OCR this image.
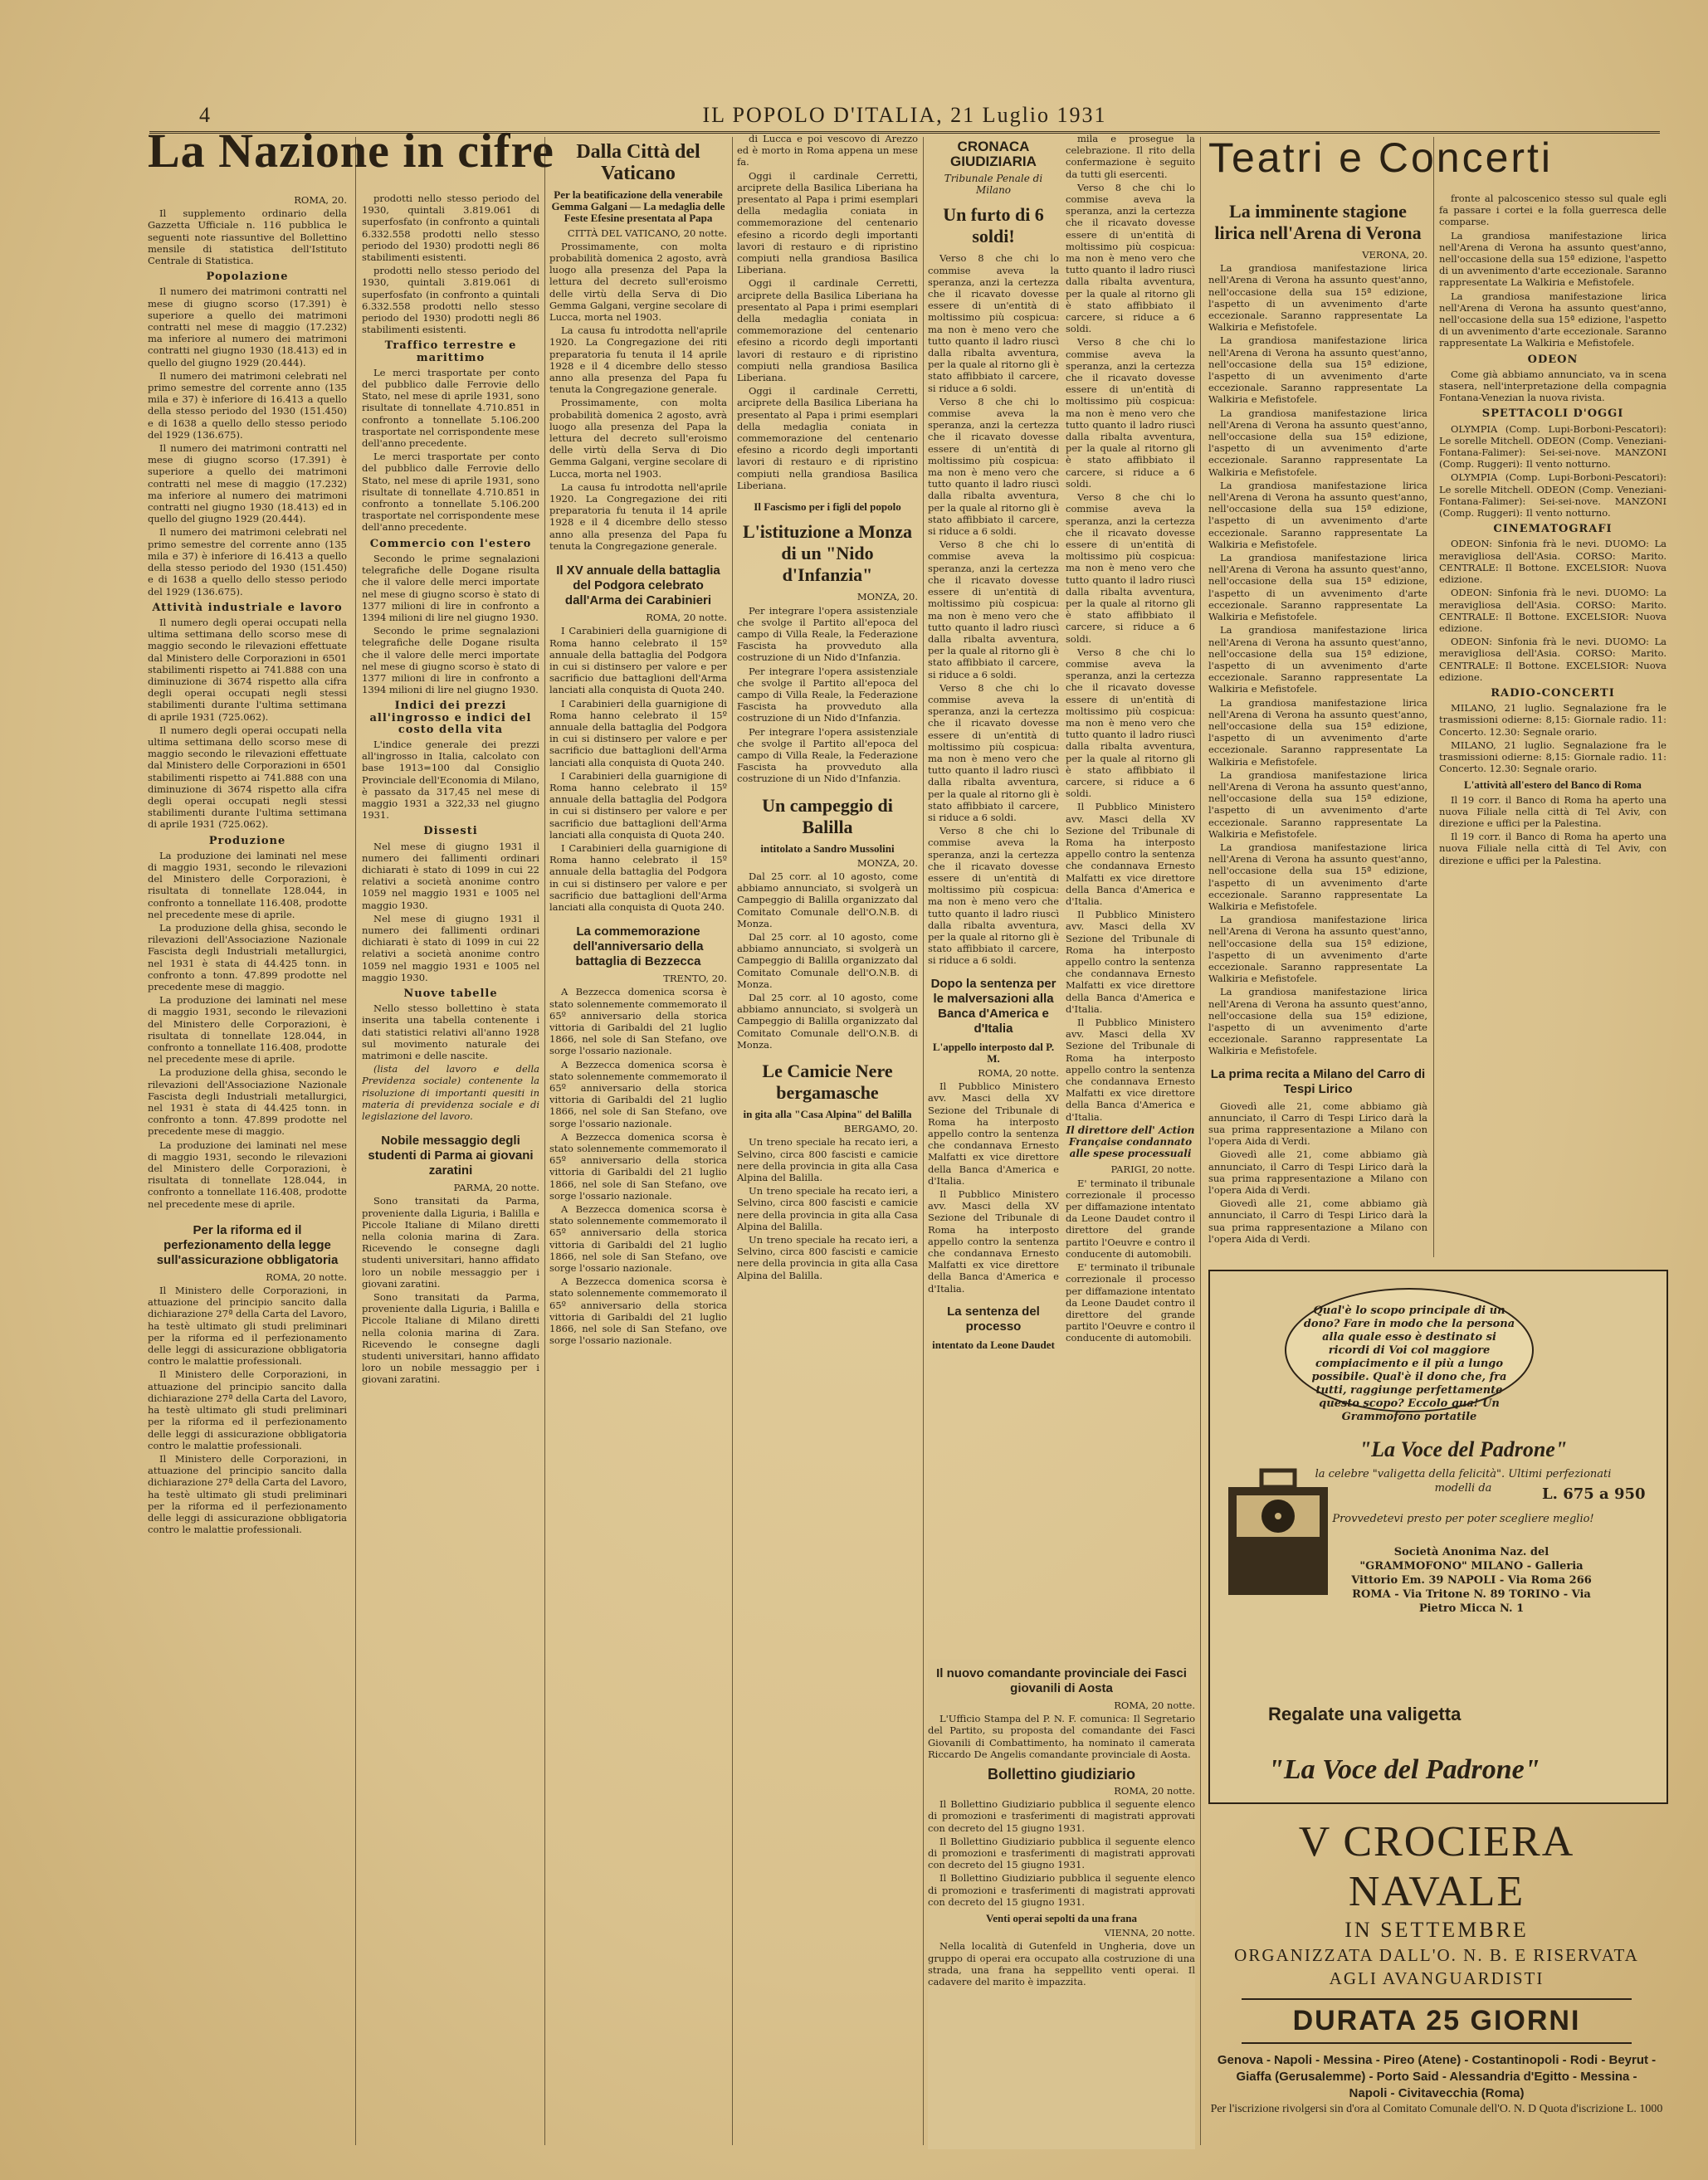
4	IL POPOLO D'ITALIA, 21 Luglio 1931
La Nazione in cifre
ROMA, 20.

Il supplemento ordinario della Gazzetta Ufficiale n. 116 pubblica le seguenti note riassuntive del Bollettino mensile di statistica dell'Istituto Centrale di Statistica.

Popolazione

Il numero dei matrimoni contratti nel mese di giugno scorso (17.391) è superiore a quello dei matrimoni contratti nel mese di maggio (17.232) ma inferiore al numero dei matrimoni contratti nel giugno 1930 (18.413) ed in quello del giugno 1929 (20.444).

Il numero dei matrimoni celebrati nel primo semestre del corrente anno (135 mila e 37) è inferiore di 16.413 a quello della stesso periodo del 1930 (151.450) e di 1638 a quello dello stesso periodo del 1929 (136.675).

Il numero dei matrimoni contratti nel mese di giugno scorso (17.391) è superiore a quello dei matrimoni contratti nel mese di maggio (17.232) ma inferiore al numero dei matrimoni contratti nel giugno 1930 (18.413) ed in quello del giugno 1929 (20.444).

Il numero dei matrimoni celebrati nel primo semestre del corrente anno (135 mila e 37) è inferiore di 16.413 a quello della stesso periodo del 1930 (151.450) e di 1638 a quello dello stesso periodo del 1929 (136.675).

Attività industriale e lavoro

Il numero degli operai occupati nella ultima settimana dello scorso mese di maggio secondo le rilevazioni effettuate dal Ministero delle Corporazioni in 6501 stabilimenti rispetto ai 741.888 con una diminuzione di 3674 rispetto alla cifra degli operai occupati negli stessi stabilimenti durante l'ultima settimana di aprile 1931 (725.062).

Il numero degli operai occupati nella ultima settimana dello scorso mese di maggio secondo le rilevazioni effettuate dal Ministero delle Corporazioni in 6501 stabilimenti rispetto ai 741.888 con una diminuzione di 3674 rispetto alla cifra degli operai occupati negli stessi stabilimenti durante l'ultima settimana di aprile 1931 (725.062).

Produzione

La produzione dei laminati nel mese di maggio 1931, secondo le rilevazioni del Ministero delle Corporazioni, è risultata di tonnellate 128.044, in confronto a tonnellate 116.408, prodotte nel precedente mese di aprile.

La produzione della ghisa, secondo le rilevazioni dell'Associazione Nazionale Fascista degli Industriali metallurgici, nel 1931 è stata di 44.425 tonn. in confronto a tonn. 47.899 prodotte nel precedente mese di maggio.

La produzione dei laminati nel mese di maggio 1931, secondo le rilevazioni del Ministero delle Corporazioni, è risultata di tonnellate 128.044, in confronto a tonnellate 116.408, prodotte nel precedente mese di aprile.

La produzione della ghisa, secondo le rilevazioni dell'Associazione Nazionale Fascista degli Industriali metallurgici, nel 1931 è stata di 44.425 tonn. in confronto a tonn. 47.899 prodotte nel precedente mese di maggio.

La produzione dei laminati nel mese di maggio 1931, secondo le rilevazioni del Ministero delle Corporazioni, è risultata di tonnellate 128.044, in confronto a tonnellate 116.408, prodotte nel precedente mese di aprile.

Per la riforma ed il perfezionamento della legge sull'assicurazione obbligatoria
ROMA, 20 notte.

Il Ministero delle Corporazioni, in attuazione del principio sancito dalla dichiarazione 27ª della Carta del Lavoro, ha testè ultimato gli studi preliminari per la riforma ed il perfezionamento delle leggi di assicurazione obbligatoria contro le malattie professionali.

Il Ministero delle Corporazioni, in attuazione del principio sancito dalla dichiarazione 27ª della Carta del Lavoro, ha testè ultimato gli studi preliminari per la riforma ed il perfezionamento delle leggi di assicurazione obbligatoria contro le malattie professionali.

Il Ministero delle Corporazioni, in attuazione del principio sancito dalla dichiarazione 27ª della Carta del Lavoro, ha testè ultimato gli studi preliminari per la riforma ed il perfezionamento delle leggi di assicurazione obbligatoria contro le malattie professionali.

prodotti nello stesso periodo del 1930, quintali 3.819.061 di superfosfato (in confronto a quintali 6.332.558 prodotti nello stesso periodo del 1930) prodotti negli 86 stabilimenti esistenti.

prodotti nello stesso periodo del 1930, quintali 3.819.061 di superfosfato (in confronto a quintali 6.332.558 prodotti nello stesso periodo del 1930) prodotti negli 86 stabilimenti esistenti.

Traffico terrestre e marittimo

Le merci trasportate per conto del pubblico dalle Ferrovie dello Stato, nel mese di aprile 1931, sono risultate di tonnellate 4.710.851 in confronto a tonnellate 5.106.200 trasportate nel corrispondente mese dell'anno precedente.

Le merci trasportate per conto del pubblico dalle Ferrovie dello Stato, nel mese di aprile 1931, sono risultate di tonnellate 4.710.851 in confronto a tonnellate 5.106.200 trasportate nel corrispondente mese dell'anno precedente.

Commercio con l'estero

Secondo le prime segnalazioni telegrafiche delle Dogane risulta che il valore delle merci importate nel mese di giugno scorso è stato di 1377 milioni di lire in confronto a 1394 milioni di lire nel giugno 1930.

Secondo le prime segnalazioni telegrafiche delle Dogane risulta che il valore delle merci importate nel mese di giugno scorso è stato di 1377 milioni di lire in confronto a 1394 milioni di lire nel giugno 1930.

Indici dei prezzi all'ingrosso e indici del costo della vita

L'indice generale dei prezzi all'ingrosso in Italia, calcolato con base 1913=100 dal Consiglio Provinciale dell'Economia di Milano, è passato da 317,45 nel mese di maggio 1931 a 322,33 nel giugno 1931.

Dissesti

Nel mese di giugno 1931 il numero dei fallimenti ordinari dichiarati è stato di 1099 in cui 22 relativi a società anonime contro 1059 nel maggio 1931 e 1005 nel maggio 1930.

Nel mese di giugno 1931 il numero dei fallimenti ordinari dichiarati è stato di 1099 in cui 22 relativi a società anonime contro 1059 nel maggio 1931 e 1005 nel maggio 1930.

Nuove tabelle

Nello stesso bollettino è stata inserita una tabella contenente i dati statistici relativi all'anno 1928 sul movimento naturale dei matrimoni e delle nascite.

(lista del lavoro e della Previdenza sociale) contenente la risoluzione di importanti quesiti in materia di previdenza sociale e di legislazione del lavoro.

Nobile messaggio degli studenti di Parma ai giovani zaratini
PARMA, 20 notte.

Sono transitati da Parma, proveniente dalla Liguria, i Balilla e Piccole Italiane di Milano diretti nella colonia marina di Zara. Ricevendo le consegne dagli studenti universitari, hanno affidato loro un nobile messaggio per i giovani zaratini.

Sono transitati da Parma, proveniente dalla Liguria, i Balilla e Piccole Italiane di Milano diretti nella colonia marina di Zara. Ricevendo le consegne dagli studenti universitari, hanno affidato loro un nobile messaggio per i giovani zaratini.

Dalla Città del Vaticano
Per la beatificazione della venerabile Gemma Galgani — La medaglia delle Feste Efesine presentata al Papa
CITTÀ DEL VATICANO, 20 notte.

Prossimamente, con molta probabilità domenica 2 agosto, avrà luogo alla presenza del Papa la lettura del decreto sull'eroismo delle virtù della Serva di Dio Gemma Galgani, vergine secolare di Lucca, morta nel 1903.

La causa fu introdotta nell'aprile 1920. La Congregazione dei riti preparatoria fu tenuta il 14 aprile 1928 e il 4 dicembre dello stesso anno alla presenza del Papa fu tenuta la Congregazione generale.

Prossimamente, con molta probabilità domenica 2 agosto, avrà luogo alla presenza del Papa la lettura del decreto sull'eroismo delle virtù della Serva di Dio Gemma Galgani, vergine secolare di Lucca, morta nel 1903.

La causa fu introdotta nell'aprile 1920. La Congregazione dei riti preparatoria fu tenuta il 14 aprile 1928 e il 4 dicembre dello stesso anno alla presenza del Papa fu tenuta la Congregazione generale.

Il XV annuale della battaglia del Podgora celebrato dall'Arma dei Carabinieri
ROMA, 20 notte.

I Carabinieri della guarnigione di Roma hanno celebrato il 15º annuale della battaglia del Podgora in cui si distinsero per valore e per sacrificio due battaglioni dell'Arma lanciati alla conquista di Quota 240.

I Carabinieri della guarnigione di Roma hanno celebrato il 15º annuale della battaglia del Podgora in cui si distinsero per valore e per sacrificio due battaglioni dell'Arma lanciati alla conquista di Quota 240.

I Carabinieri della guarnigione di Roma hanno celebrato il 15º annuale della battaglia del Podgora in cui si distinsero per valore e per sacrificio due battaglioni dell'Arma lanciati alla conquista di Quota 240.

I Carabinieri della guarnigione di Roma hanno celebrato il 15º annuale della battaglia del Podgora in cui si distinsero per valore e per sacrificio due battaglioni dell'Arma lanciati alla conquista di Quota 240.

La commemorazione dell'anniversario della battaglia di Bezzecca
TRENTO, 20.

A Bezzecca domenica scorsa è stato solennemente commemorato il 65º anniversario della storica vittoria di Garibaldi del 21 luglio 1866, nel sole di San Stefano, ove sorge l'ossario nazionale.

A Bezzecca domenica scorsa è stato solennemente commemorato il 65º anniversario della storica vittoria di Garibaldi del 21 luglio 1866, nel sole di San Stefano, ove sorge l'ossario nazionale.

A Bezzecca domenica scorsa è stato solennemente commemorato il 65º anniversario della storica vittoria di Garibaldi del 21 luglio 1866, nel sole di San Stefano, ove sorge l'ossario nazionale.

A Bezzecca domenica scorsa è stato solennemente commemorato il 65º anniversario della storica vittoria di Garibaldi del 21 luglio 1866, nel sole di San Stefano, ove sorge l'ossario nazionale.

A Bezzecca domenica scorsa è stato solennemente commemorato il 65º anniversario della storica vittoria di Garibaldi del 21 luglio 1866, nel sole di San Stefano, ove sorge l'ossario nazionale.

di Lucca e poi vescovo di Arezzo ed è morto in Roma appena un mese fa.

Oggi il cardinale Cerretti, arciprete della Basilica Liberiana ha presentato al Papa i primi esemplari della medaglia coniata in commemorazione del centenario efesino a ricordo degli importanti lavori di restauro e di ripristino compiuti nella grandiosa Basilica Liberiana.

Oggi il cardinale Cerretti, arciprete della Basilica Liberiana ha presentato al Papa i primi esemplari della medaglia coniata in commemorazione del centenario efesino a ricordo degli importanti lavori di restauro e di ripristino compiuti nella grandiosa Basilica Liberiana.

Oggi il cardinale Cerretti, arciprete della Basilica Liberiana ha presentato al Papa i primi esemplari della medaglia coniata in commemorazione del centenario efesino a ricordo degli importanti lavori di restauro e di ripristino compiuti nella grandiosa Basilica Liberiana.

Il Fascismo per i figli del popolo
L'istituzione a Monza di un "Nido d'Infanzia"
MONZA, 20.

Per integrare l'opera assistenziale che svolge il Partito all'epoca del campo di Villa Reale, la Federazione Fascista ha provveduto alla costruzione di un Nido d'Infanzia.

Per integrare l'opera assistenziale che svolge il Partito all'epoca del campo di Villa Reale, la Federazione Fascista ha provveduto alla costruzione di un Nido d'Infanzia.

Per integrare l'opera assistenziale che svolge il Partito all'epoca del campo di Villa Reale, la Federazione Fascista ha provveduto alla costruzione di un Nido d'Infanzia.

Un campeggio di Balilla
intitolato a Sandro Mussolini
MONZA, 20.

Dal 25 corr. al 10 agosto, come abbiamo annunciato, si svolgerà un Campeggio di Balilla organizzato dal Comitato Comunale dell'O.N.B. di Monza.

Dal 25 corr. al 10 agosto, come abbiamo annunciato, si svolgerà un Campeggio di Balilla organizzato dal Comitato Comunale dell'O.N.B. di Monza.

Dal 25 corr. al 10 agosto, come abbiamo annunciato, si svolgerà un Campeggio di Balilla organizzato dal Comitato Comunale dell'O.N.B. di Monza.

Le Camicie Nere bergamasche
in gita alla "Casa Alpina" del Balilla
BERGAMO, 20.

Un treno speciale ha recato ieri, a Selvino, circa 800 fascisti e camicie nere della provincia in gita alla Casa Alpina del Balilla.

Un treno speciale ha recato ieri, a Selvino, circa 800 fascisti e camicie nere della provincia in gita alla Casa Alpina del Balilla.

Un treno speciale ha recato ieri, a Selvino, circa 800 fascisti e camicie nere della provincia in gita alla Casa Alpina del Balilla.

CRONACA GIUDIZIARIA
Tribunale Penale di Milano
Un furto di 6 soldi!

Verso 8 che chi lo commise aveva la speranza, anzi la certezza che il ricavato dovesse essere di un'entità di moltissimo più cospicua: ma non è meno vero che tutto quanto il ladro riuscì dalla ribalta avventura, per la quale al ritorno gli è stato affibbiato il carcere, si riduce a 6 soldi.

Verso 8 che chi lo commise aveva la speranza, anzi la certezza che il ricavato dovesse essere di un'entità di moltissimo più cospicua: ma non è meno vero che tutto quanto il ladro riuscì dalla ribalta avventura, per la quale al ritorno gli è stato affibbiato il carcere, si riduce a 6 soldi.

Verso 8 che chi lo commise aveva la speranza, anzi la certezza che il ricavato dovesse essere di un'entità di moltissimo più cospicua: ma non è meno vero che tutto quanto il ladro riuscì dalla ribalta avventura, per la quale al ritorno gli è stato affibbiato il carcere, si riduce a 6 soldi.

Verso 8 che chi lo commise aveva la speranza, anzi la certezza che il ricavato dovesse essere di un'entità di moltissimo più cospicua: ma non è meno vero che tutto quanto il ladro riuscì dalla ribalta avventura, per la quale al ritorno gli è stato affibbiato il carcere, si riduce a 6 soldi.

Verso 8 che chi lo commise aveva la speranza, anzi la certezza che il ricavato dovesse essere di un'entità di moltissimo più cospicua: ma non è meno vero che tutto quanto il ladro riuscì dalla ribalta avventura, per la quale al ritorno gli è stato affibbiato il carcere, si riduce a 6 soldi.

Dopo la sentenza per le malversazioni alla Banca d'America e d'Italia
L'appello interposto dal P. M.
ROMA, 20 notte.

Il Pubblico Ministero avv. Masci della XV Sezione del Tribunale di Roma ha interposto appello contro la sentenza che condannava Ernesto Malfatti ex vice direttore della Banca d'America e d'Italia.

Il Pubblico Ministero avv. Masci della XV Sezione del Tribunale di Roma ha interposto appello contro la sentenza che condannava Ernesto Malfatti ex vice direttore della Banca d'America e d'Italia.

La sentenza del processo
intentato da Leone Daudet

mila e prosegue la celebrazione. Il rito della confermazione è seguito da tutti gli esercenti.

Verso 8 che chi lo commise aveva la speranza, anzi la certezza che il ricavato dovesse essere di un'entità di moltissimo più cospicua: ma non è meno vero che tutto quanto il ladro riuscì dalla ribalta avventura, per la quale al ritorno gli è stato affibbiato il carcere, si riduce a 6 soldi.

Verso 8 che chi lo commise aveva la speranza, anzi la certezza che il ricavato dovesse essere di un'entità di moltissimo più cospicua: ma non è meno vero che tutto quanto il ladro riuscì dalla ribalta avventura, per la quale al ritorno gli è stato affibbiato il carcere, si riduce a 6 soldi.

Verso 8 che chi lo commise aveva la speranza, anzi la certezza che il ricavato dovesse essere di un'entità di moltissimo più cospicua: ma non è meno vero che tutto quanto il ladro riuscì dalla ribalta avventura, per la quale al ritorno gli è stato affibbiato il carcere, si riduce a 6 soldi.

Verso 8 che chi lo commise aveva la speranza, anzi la certezza che il ricavato dovesse essere di un'entità di moltissimo più cospicua: ma non è meno vero che tutto quanto il ladro riuscì dalla ribalta avventura, per la quale al ritorno gli è stato affibbiato il carcere, si riduce a 6 soldi.

Il Pubblico Ministero avv. Masci della XV Sezione del Tribunale di Roma ha interposto appello contro la sentenza che condannava Ernesto Malfatti ex vice direttore della Banca d'America e d'Italia.

Il Pubblico Ministero avv. Masci della XV Sezione del Tribunale di Roma ha interposto appello contro la sentenza che condannava Ernesto Malfatti ex vice direttore della Banca d'America e d'Italia.

Il Pubblico Ministero avv. Masci della XV Sezione del Tribunale di Roma ha interposto appello contro la sentenza che condannava Ernesto Malfatti ex vice direttore della Banca d'America e d'Italia.

Il direttore dell' Action Française condannato alle spese processuali
PARIGI, 20 notte.

E' terminato il tribunale correzionale il processo per diffamazione intentato da Leone Daudet contro il direttore del grande partito l'Oeuvre e contro il conducente di automobili.

E' terminato il tribunale correzionale il processo per diffamazione intentato da Leone Daudet contro il direttore del grande partito l'Oeuvre e contro il conducente di automobili.

Il nuovo comandante provinciale dei Fasci giovanili di Aosta
ROMA, 20 notte.

L'Ufficio Stampa del P. N. F. comunica: Il Segretario del Partito, su proposta del comandante dei Fasci Giovanili di Combattimento, ha nominato il camerata Riccardo De Angelis comandante provinciale di Aosta.

Bollettino giudiziario
ROMA, 20 notte.

Il Bollettino Giudiziario pubblica il seguente elenco di promozioni e trasferimenti di magistrati approvati con decreto del 15 giugno 1931.

Il Bollettino Giudiziario pubblica il seguente elenco di promozioni e trasferimenti di magistrati approvati con decreto del 15 giugno 1931.

Il Bollettino Giudiziario pubblica il seguente elenco di promozioni e trasferimenti di magistrati approvati con decreto del 15 giugno 1931.

Venti operai sepolti da una frana
VIENNA, 20 notte.

Nella località di Gutenfeld in Ungheria, dove un gruppo di operai era occupato alla costruzione di una strada, una frana ha seppellito venti operai. Il cadavere del marito è impazzita.

Teatri e Concerti
La imminente stagione lirica nell'Arena di Verona
VERONA, 20.

La grandiosa manifestazione lirica nell'Arena di Verona ha assunto quest'anno, nell'occasione della sua 15ª edizione, l'aspetto di un avvenimento d'arte eccezionale. Saranno rappresentate La Walkiria e Mefistofele.

La grandiosa manifestazione lirica nell'Arena di Verona ha assunto quest'anno, nell'occasione della sua 15ª edizione, l'aspetto di un avvenimento d'arte eccezionale. Saranno rappresentate La Walkiria e Mefistofele.

La grandiosa manifestazione lirica nell'Arena di Verona ha assunto quest'anno, nell'occasione della sua 15ª edizione, l'aspetto di un avvenimento d'arte eccezionale. Saranno rappresentate La Walkiria e Mefistofele.

La grandiosa manifestazione lirica nell'Arena di Verona ha assunto quest'anno, nell'occasione della sua 15ª edizione, l'aspetto di un avvenimento d'arte eccezionale. Saranno rappresentate La Walkiria e Mefistofele.

La grandiosa manifestazione lirica nell'Arena di Verona ha assunto quest'anno, nell'occasione della sua 15ª edizione, l'aspetto di un avvenimento d'arte eccezionale. Saranno rappresentate La Walkiria e Mefistofele.

La grandiosa manifestazione lirica nell'Arena di Verona ha assunto quest'anno, nell'occasione della sua 15ª edizione, l'aspetto di un avvenimento d'arte eccezionale. Saranno rappresentate La Walkiria e Mefistofele.

La grandiosa manifestazione lirica nell'Arena di Verona ha assunto quest'anno, nell'occasione della sua 15ª edizione, l'aspetto di un avvenimento d'arte eccezionale. Saranno rappresentate La Walkiria e Mefistofele.

La grandiosa manifestazione lirica nell'Arena di Verona ha assunto quest'anno, nell'occasione della sua 15ª edizione, l'aspetto di un avvenimento d'arte eccezionale. Saranno rappresentate La Walkiria e Mefistofele.

La grandiosa manifestazione lirica nell'Arena di Verona ha assunto quest'anno, nell'occasione della sua 15ª edizione, l'aspetto di un avvenimento d'arte eccezionale. Saranno rappresentate La Walkiria e Mefistofele.

La grandiosa manifestazione lirica nell'Arena di Verona ha assunto quest'anno, nell'occasione della sua 15ª edizione, l'aspetto di un avvenimento d'arte eccezionale. Saranno rappresentate La Walkiria e Mefistofele.

La grandiosa manifestazione lirica nell'Arena di Verona ha assunto quest'anno, nell'occasione della sua 15ª edizione, l'aspetto di un avvenimento d'arte eccezionale. Saranno rappresentate La Walkiria e Mefistofele.

La prima recita a Milano del Carro di Tespi Lirico

Giovedì alle 21, come abbiamo già annunciato, il Carro di Tespi Lirico darà la sua prima rappresentazione a Milano con l'opera Aida di Verdi.

Giovedì alle 21, come abbiamo già annunciato, il Carro di Tespi Lirico darà la sua prima rappresentazione a Milano con l'opera Aida di Verdi.

Giovedì alle 21, come abbiamo già annunciato, il Carro di Tespi Lirico darà la sua prima rappresentazione a Milano con l'opera Aida di Verdi.

fronte al palcoscenico stesso sul quale egli fa passare i cortei e la folla guerresca delle comparse.

La grandiosa manifestazione lirica nell'Arena di Verona ha assunto quest'anno, nell'occasione della sua 15ª edizione, l'aspetto di un avvenimento d'arte eccezionale. Saranno rappresentate La Walkiria e Mefistofele.

La grandiosa manifestazione lirica nell'Arena di Verona ha assunto quest'anno, nell'occasione della sua 15ª edizione, l'aspetto di un avvenimento d'arte eccezionale. Saranno rappresentate La Walkiria e Mefistofele.

ODEON

Come già abbiamo annunciato, va in scena stasera, nell'interpretazione della compagnia Fontana-Venezian la nuova rivista.

SPETTACOLI D'OGGI

OLYMPIA (Comp. Lupi-Borboni-Pescatori): Le sorelle Mitchell. ODEON (Comp. Veneziani-Fontana-Falimer): Sei-sei-nove. MANZONI (Comp. Ruggeri): Il vento notturno.

OLYMPIA (Comp. Lupi-Borboni-Pescatori): Le sorelle Mitchell. ODEON (Comp. Veneziani-Fontana-Falimer): Sei-sei-nove. MANZONI (Comp. Ruggeri): Il vento notturno.

CINEMATOGRAFI

ODEON: Sinfonia frà le nevi. DUOMO: La meravigliosa dell'Asia. CORSO: Marito. CENTRALE: Il Bottone. EXCELSIOR: Nuova edizione.

ODEON: Sinfonia frà le nevi. DUOMO: La meravigliosa dell'Asia. CORSO: Marito. CENTRALE: Il Bottone. EXCELSIOR: Nuova edizione.

ODEON: Sinfonia frà le nevi. DUOMO: La meravigliosa dell'Asia. CORSO: Marito. CENTRALE: Il Bottone. EXCELSIOR: Nuova edizione.

RADIO-CONCERTI

MILANO, 21 luglio. Segnalazione fra le trasmissioni odierne: 8,15: Giornale radio. 11: Concerto. 12.30: Segnale orario.

MILANO, 21 luglio. Segnalazione fra le trasmissioni odierne: 8,15: Giornale radio. 11: Concerto. 12.30: Segnale orario.

L'attività all'estero del Banco di Roma

Il 19 corr. il Banco di Roma ha aperto una nuova Filiale nella città di Tel Aviv, con direzione e uffici per la Palestina.

Il 19 corr. il Banco di Roma ha aperto una nuova Filiale nella città di Tel Aviv, con direzione e uffici per la Palestina.

Qual'è lo scopo principale di un dono? Fare in modo che la persona alla quale esso è destinato si ricordi di Voi col maggiore compiacimento e il più a lungo possibile. Qual'è il dono che, fra tutti, raggiunge perfettamente questo scopo? Eccolo qua! Un Grammofono portatile
"La Voce del Padrone"
la celebre "valigetta della felicità". Ultimi perfezionati modelli da	L. 675 a 950
Provvedetevi presto per poter scegliere meglio!
Società Anonima Naz. del "GRAMMOFONO" MILANO - Galleria Vittorio Em. 39 NAPOLI - Via Roma 266 ROMA - Via Tritone N. 89 TORINO - Via Pietro Micca N. 1
Regalate una valigetta
"La Voce del Padrone"
V CROCIERA NAVALE
IN SETTEMBRE
ORGANIZZATA DALL'O. N. B. E RISERVATA AGLI AVANGUARDISTI
DURATA 25 GIORNI
Genova - Napoli - Messina - Pireo (Atene) - Costantinopoli - Rodi - Beyrut - Giaffa (Gerusalemme) - Porto Said - Alessandria d'Egitto - Messina - Napoli - Civitavecchia (Roma)
Per l'iscrizione rivolgersi sin d'ora al Comitato Comunale dell'O. N. D Quota d'iscrizione L. 1000
